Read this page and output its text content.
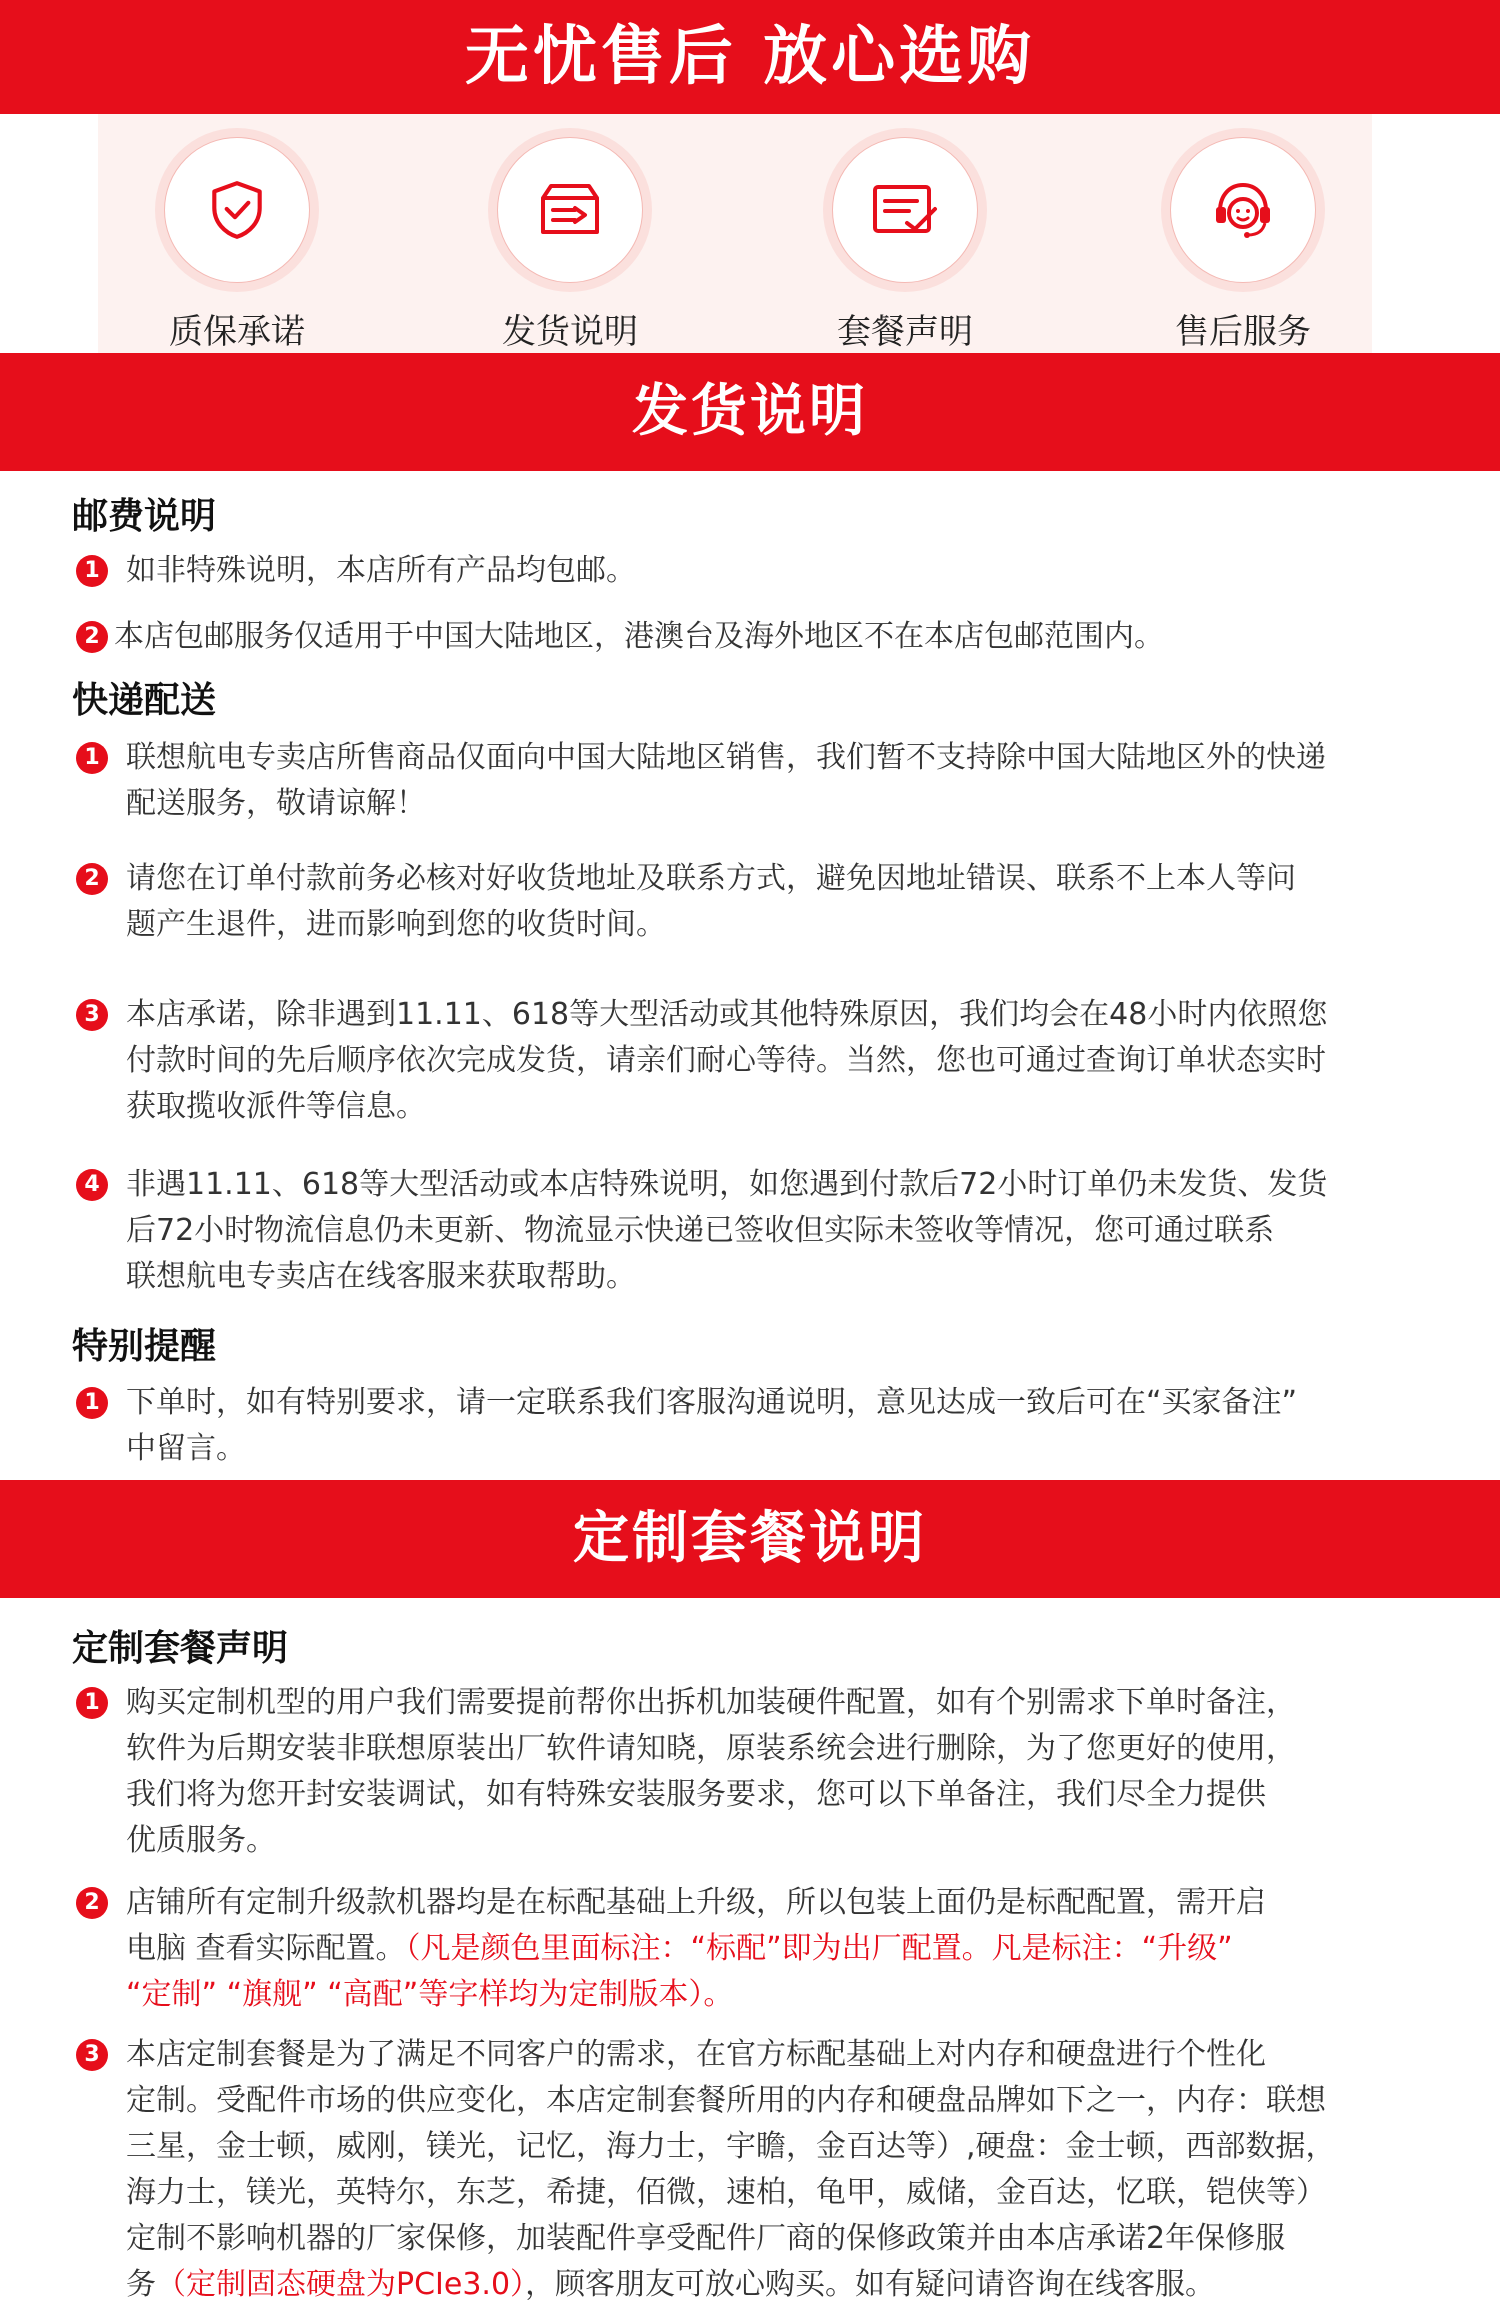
无忧售后 放心选购
质保承诺	发货说明	套餐声明	售后服务
发货说明
邮费说明
1 如非特殊说明，本店所有产品均包邮。
2 本店包邮服务仅适用于中国大陆地区，港澳台及海外地区不在本店包邮范围内。
快递配送
1 联想航电专卖店所售商品仅面向中国大陆地区销售，我们暂不支持除中国大陆地区外的快递
配送服务，敬请谅解！
2 请您在订单付款前务必核对好收货地址及联系方式，避免因地址错误、联系不上本人等问
题产生退件，进而影响到您的收货时间。
3 本店承诺，除非遇到11.11、618等大型活动或其他特殊原因，我们均会在48小时内依照您
付款时间的先后顺序依次完成发货，请亲们耐心等待。当然，您也可通过查询订单状态实时
获取揽收派件等信息。
4 非遇11.11、618等大型活动或本店特殊说明，如您遇到付款后72小时订单仍未发货、发货
后72小时物流信息仍未更新、物流显示快递已签收但实际未签收等情况，您可通过联系
联想航电专卖店在线客服来获取帮助。
特别提醒
1 下单时，如有特别要求，请一定联系我们客服沟通说明，意见达成一致后可在“买家备注”
中留言。
定制套餐说明
定制套餐声明
1 购买定制机型的用户我们需要提前帮你出拆机加装硬件配置，如有个别需求下单时备注，
软件为后期安装非联想原装出厂软件请知晓，原装系统会进行删除，为了您更好的使用，
我们将为您开封安装调试，如有特殊安装服务要求，您可以下单备注，我们尽全力提供
优质服务。
2 店铺所有定制升级款机器均是在标配基础上升级，所以包装上面仍是标配配置，需开启
电脑 查看实际配置。（凡是颜色里面标注：“标配”即为出厂配置。凡是标注：“升级”
“定制” “旗舰” “高配”等字样均为定制版本）。
3 本店定制套餐是为了满足不同客户的需求，在官方标配基础上对内存和硬盘进行个性化
定制。受配件市场的供应变化，本店定制套餐所用的内存和硬盘品牌如下之一，内存：联想
三星，金士顿，威刚，镁光，记忆，海力士，宇瞻，金百达等）,硬盘：金士顿，西部数据，
海力士，镁光，英特尔，东芝，希捷，佰微，速柏，龟甲，威储，金百达，忆联，铠侠等）
定制不影响机器的厂家保修，加装配件享受配件厂商的保修政策并由本店承诺2年保修服
务（定制固态硬盘为PCIe3.0），顾客朋友可放心购买。如有疑问请咨询在线客服。
